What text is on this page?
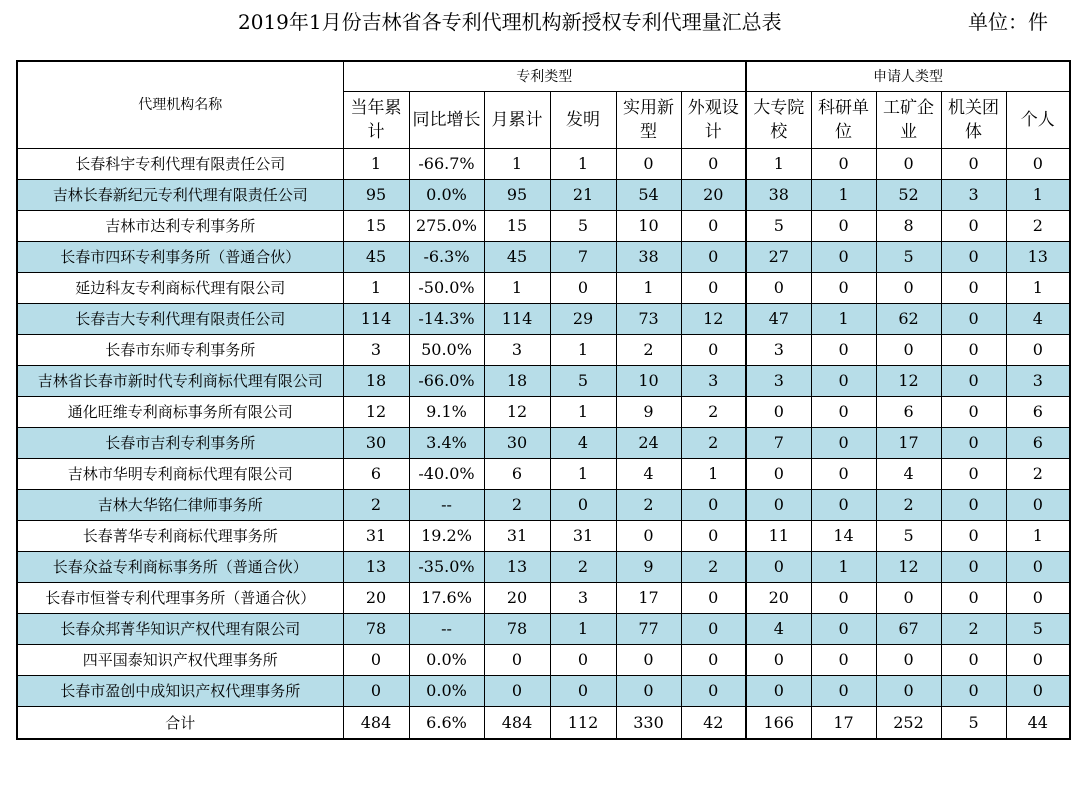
2019年1月份吉林省各专利代理机构新授权专利代理量汇总表	单位：件
代理机构名称	专利类型						申请人类型				
	当年累计	同比增长	月累计	发明	实用新型	外观设计	大专院校	科研单位	工矿企业	机关团体	个人
长春科宇专利代理有限责任公司	1	-66.7%	1	1	0	0	1	0	0	0	0
吉林长春新纪元专利代理有限责任公司	95	0.0%	95	21	54	20	38	1	52	3	1
吉林市达利专利事务所	15	275.0%	15	5	10	0	5	0	8	0	2
长春市四环专利事务所（普通合伙）	45	-6.3%	45	7	38	0	27	0	5	0	13
延边科友专利商标代理有限公司	1	-50.0%	1	0	1	0	0	0	0	0	1
长春吉大专利代理有限责任公司	114	-14.3%	114	29	73	12	47	1	62	0	4
长春市东师专利事务所	3	50.0%	3	1	2	0	3	0	0	0	0
吉林省长春市新时代专利商标代理有限公司	18	-66.0%	18	5	10	3	3	0	12	0	3
通化旺维专利商标事务所有限公司	12	9.1%	12	1	9	2	0	0	6	0	6
长春市吉利专利事务所	30	3.4%	30	4	24	2	7	0	17	0	6
吉林市华明专利商标代理有限公司	6	-40.0%	6	1	4	1	0	0	4	0	2
吉林大华铭仁律师事务所	2	--	2	0	2	0	0	0	2	0	0
长春菁华专利商标代理事务所	31	19.2%	31	31	0	0	11	14	5	0	1
长春众益专利商标事务所（普通合伙）	13	-35.0%	13	2	9	2	0	1	12	0	0
长春市恒誉专利代理事务所（普通合伙）	20	17.6%	20	3	17	0	20	0	0	0	0
长春众邦菁华知识产权代理有限公司	78	--	78	1	77	0	4	0	67	2	5
四平国泰知识产权代理事务所	0	0.0%	0	0	0	0	0	0	0	0	0
长春市盈创中成知识产权代理事务所	0	0.0%	0	0	0	0	0	0	0	0	0
合计	484	6.6%	484	112	330	42	166	17	252	5	44
